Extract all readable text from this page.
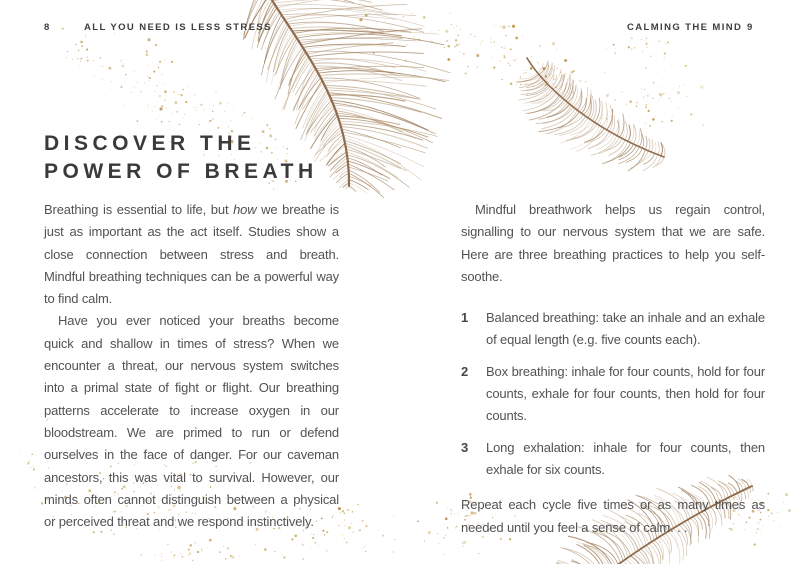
8	ALL YOU NEED IS LESS STRESS	CALMING THE MIND 9
DISCOVER THE
POWER OF BREATH

Breathing is essential to life, but how we breathe is just as important as the act itself. Studies show a close connection between stress and breath. Mindful breathing techniques can be a powerful way to find calm.

Have you ever noticed your breaths become quick and shallow in times of stress? When we encounter a threat, our nervous system switches into a primal state of fight or flight. Our breathing patterns accelerate to increase oxygen in our bloodstream. We are primed to run or defend ourselves in the face of danger. For our caveman ancestors, this was vital to survival. However, our minds often cannot distinguish between a physical or perceived threat and we respond instinctively.

Mindful breathwork helps us regain control, signalling to our nervous system that we are safe. Here are three breathing practices to help you self-soothe.

1	Balanced breathing: take an inhale and an exhale of equal length (e.g. five counts each).
2	Box breathing: inhale for four counts, hold for four counts, exhale for four counts, then hold for four counts.
3	Long exhalation: inhale for four counts, then exhale for six counts.

Repeat each cycle five times or as many times as needed until you feel a sense of calm. . .
